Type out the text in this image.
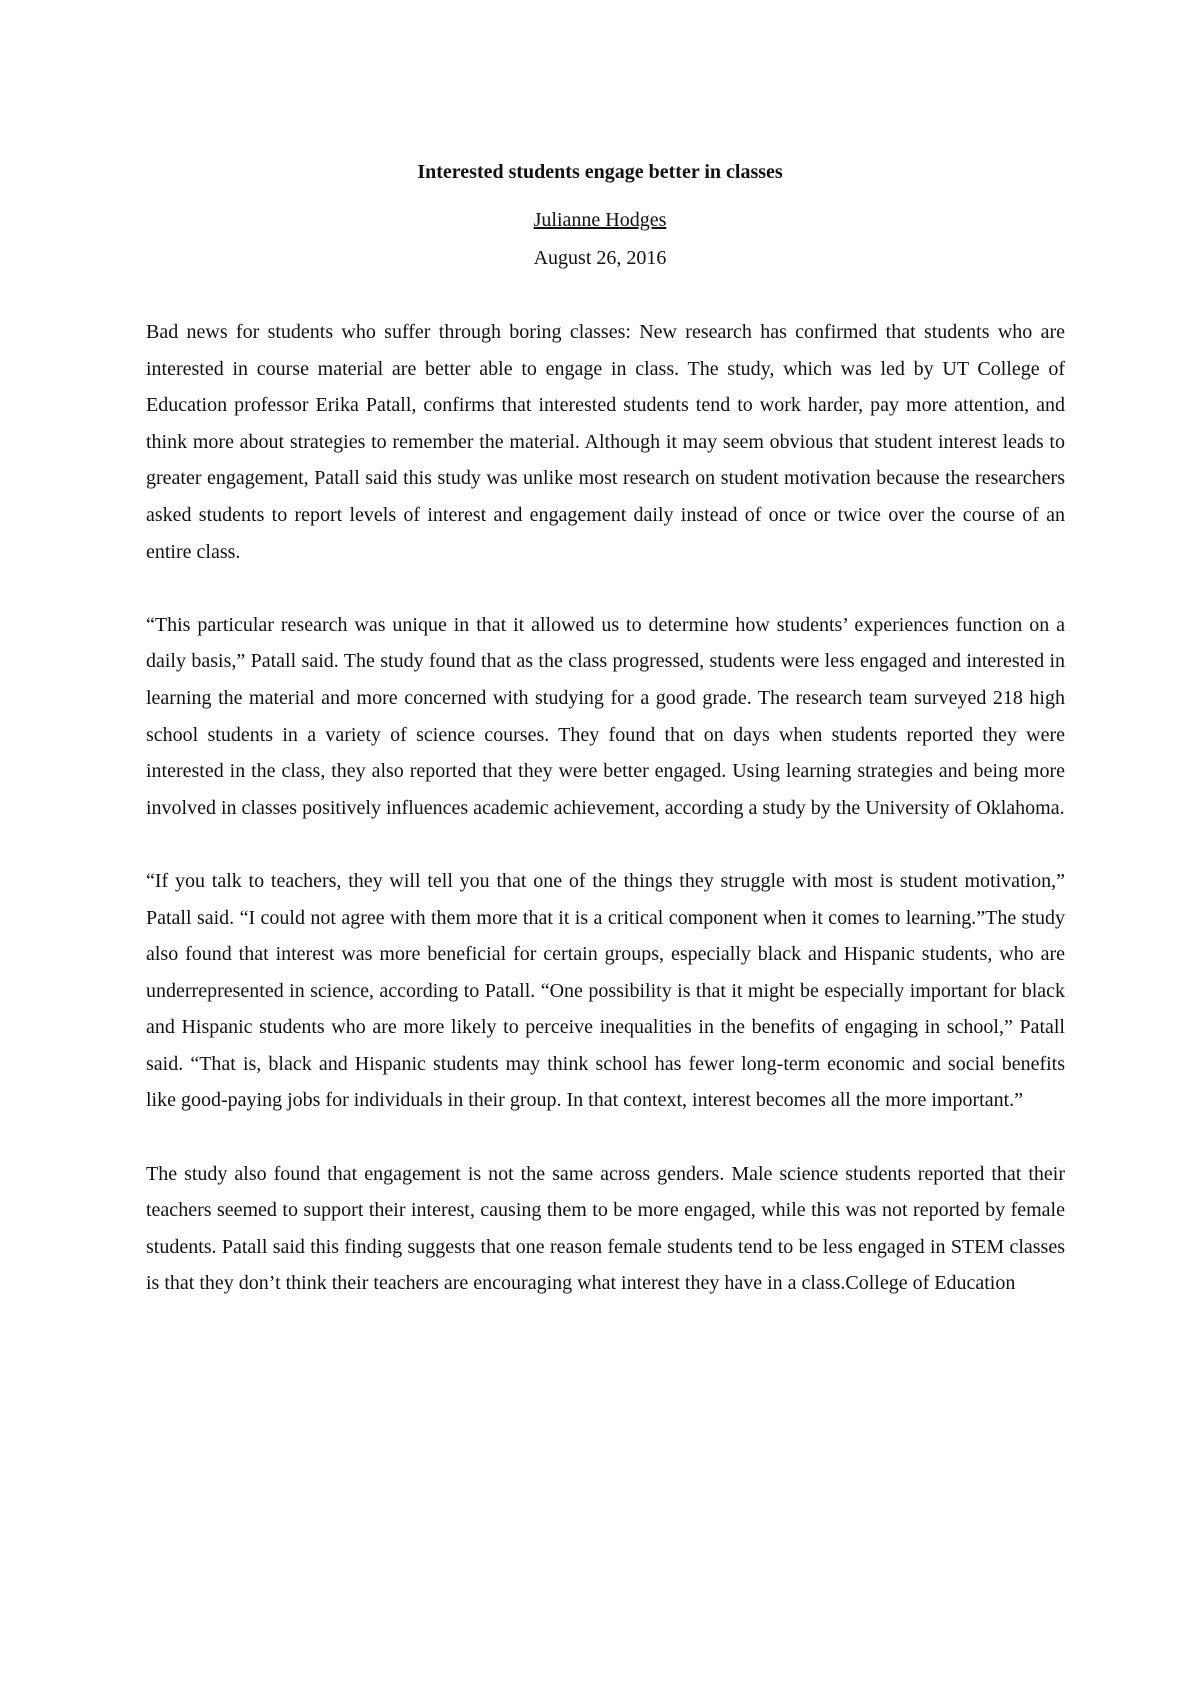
Interested students engage better in classes
Julianne Hodges
August 26, 2016

Bad news for students who suffer through boring classes: New research has confirmed that students who are interested in course material are better able to engage in class. The study, which was led by UT College of Education professor Erika Patall, confirms that interested students tend to work harder, pay more attention, and think more about strategies to remember the material. Although it may seem obvious that student interest leads to greater engagement, Patall said this study was unlike most research on student motivation because the researchers asked students to report levels of interest and engagement daily instead of once or twice over the course of an entire class.

“This particular research was unique in that it allowed us to determine how students’ experiences function on a daily basis,” Patall said. The study found that as the class progressed, students were less engaged and interested in learning the material and more concerned with studying for a good grade. The research team surveyed 218 high school students in a variety of science courses. They found that on days when students reported they were interested in the class, they also reported that they were better engaged. Using learning strategies and being more involved in classes positively influences academic achievement, according a study by the University of Oklahoma.

“If you talk to teachers, they will tell you that one of the things they struggle with most is student motivation,” Patall said. “I could not agree with them more that it is a critical component when it comes to learning.”The study also found that interest was more beneficial for certain groups, especially black and Hispanic students, who are underrepresented in science, according to Patall. “One possibility is that it might be especially important for black and Hispanic students who are more likely to perceive inequalities in the benefits of engaging in school,” Patall said. “That is, black and Hispanic students may think school has fewer long-term economic and social benefits like good-paying jobs for individuals in their group. In that context, interest becomes all the more important.”

The study also found that engagement is not the same across genders. Male science students reported that their teachers seemed to support their interest, causing them to be more engaged, while this was not reported by female students. Patall said this finding suggests that one reason female students tend to be less engaged in STEM classes is that they don’t think their teachers are encouraging what interest they have in a class.College of Education
